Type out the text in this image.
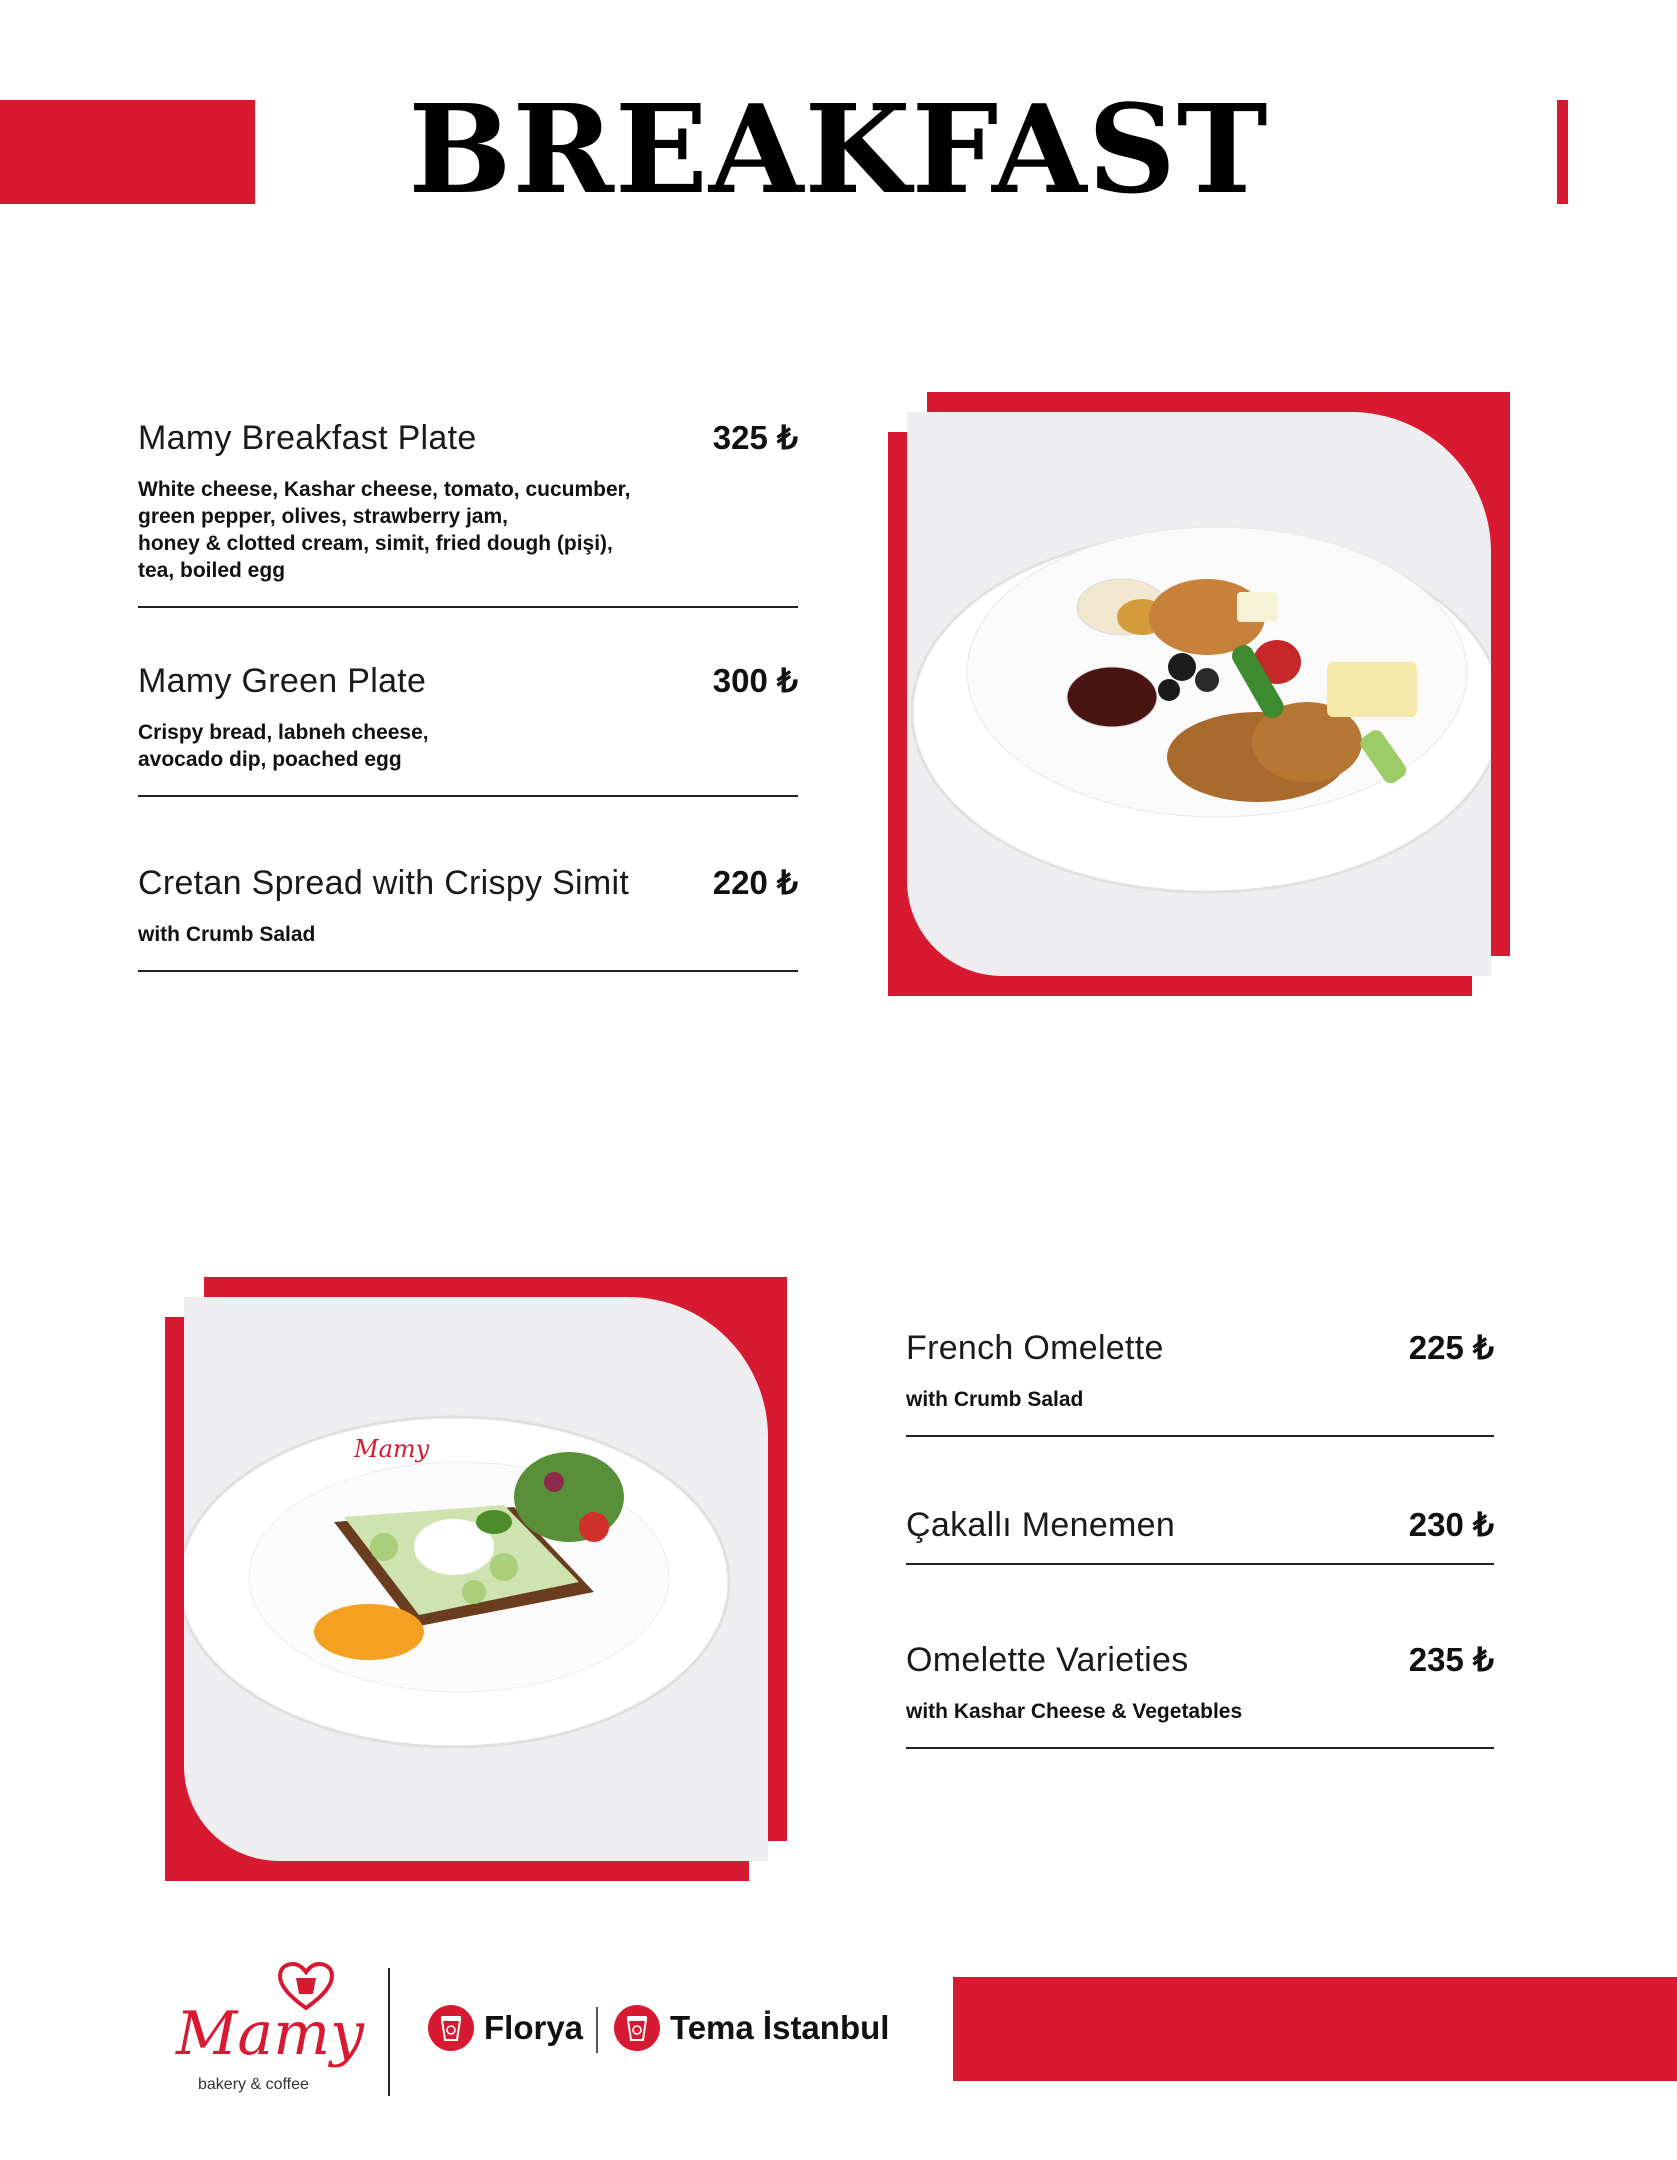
BREAKFAST
Mamy Breakfast Plate	325 ₺
White cheese, Kashar cheese, tomato, cucumber,
green pepper, olives, strawberry jam,
honey & clotted cream, simit, fried dough (pişi),
tea, boiled egg
Mamy Green Plate	300 ₺
Crispy bread, labneh cheese,
avocado dip, poached egg
Cretan Spread with Crispy Simit	220 ₺
with Crumb Salad
Mamy
French Omelette	225 ₺
with Crumb Salad
Çakallı Menemen	230 ₺
Omelette Varieties	235 ₺
with Kashar Cheese & Vegetables
Mamy
bakery & coffee
Florya	Tema İstanbul
